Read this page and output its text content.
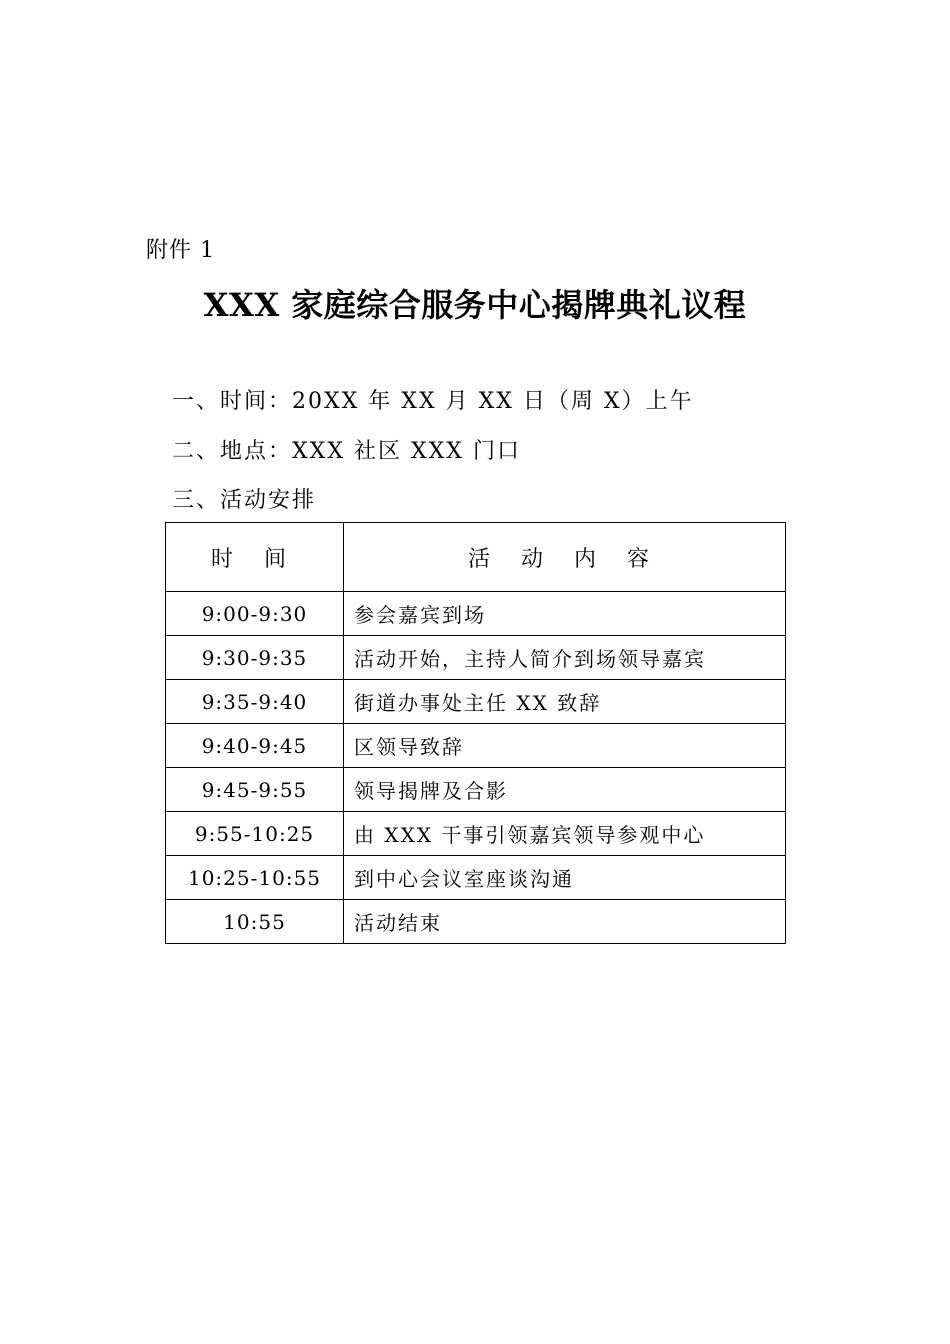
附件 1
XXX 家庭综合服务中心揭牌典礼议程
一、时间：20XX 年 XX 月 XX 日（周 X）上午
二、地点：XXX 社区 XXX 门口
三、活动安排
时 间	活 动 内 容
9:00-9:30	参会嘉宾到场
9:30-9:35	活动开始，主持人简介到场领导嘉宾
9:35-9:40	街道办事处主任 XX 致辞
9:40-9:45	区领导致辞
9:45-9:55	领导揭牌及合影
9:55-10:25	由 XXX 干事引领嘉宾领导参观中心
10:25-10:55	到中心会议室座谈沟通
10:55	活动结束
